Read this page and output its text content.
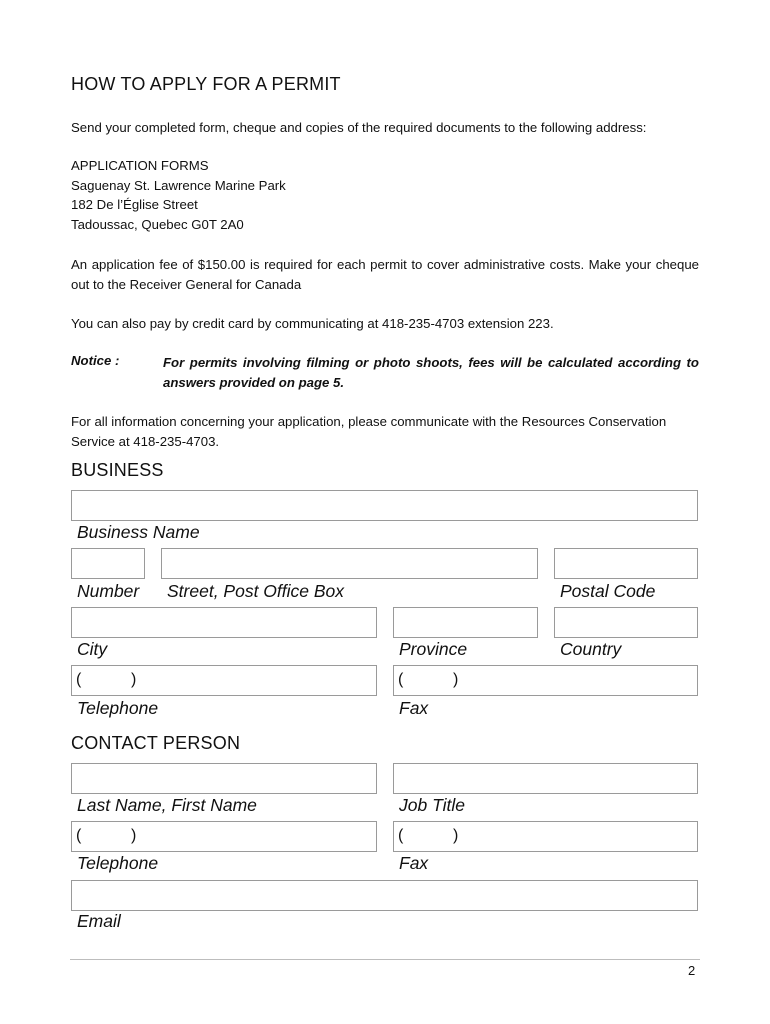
HOW TO APPLY FOR A PERMIT
Send your completed form, cheque and copies of the required documents to the following address:
APPLICATION FORMS
Saguenay St. Lawrence Marine Park
182 De l’Église Street
Tadoussac, Quebec G0T 2A0
An application fee of $150.00 is required for each permit to cover administrative costs. Make your cheque out to the Receiver General for Canada
You can also pay by credit card by communicating at 418-235-4703 extension 223.
Notice :	For permits involving filming or photo shoots, fees will be calculated according to answers provided on page 5.
For all information concerning your application, please communicate with the Resources Conservation Service at 418-235-4703.
BUSINESS
Business Name
Number Street, Post Office Box	Postal Code
City	Province	Country
(	)	(	)
Telephone	Fax
CONTACT PERSON
Last Name, First Name	Job Title
(	)	(	)
Telephone	Fax
Email
2
